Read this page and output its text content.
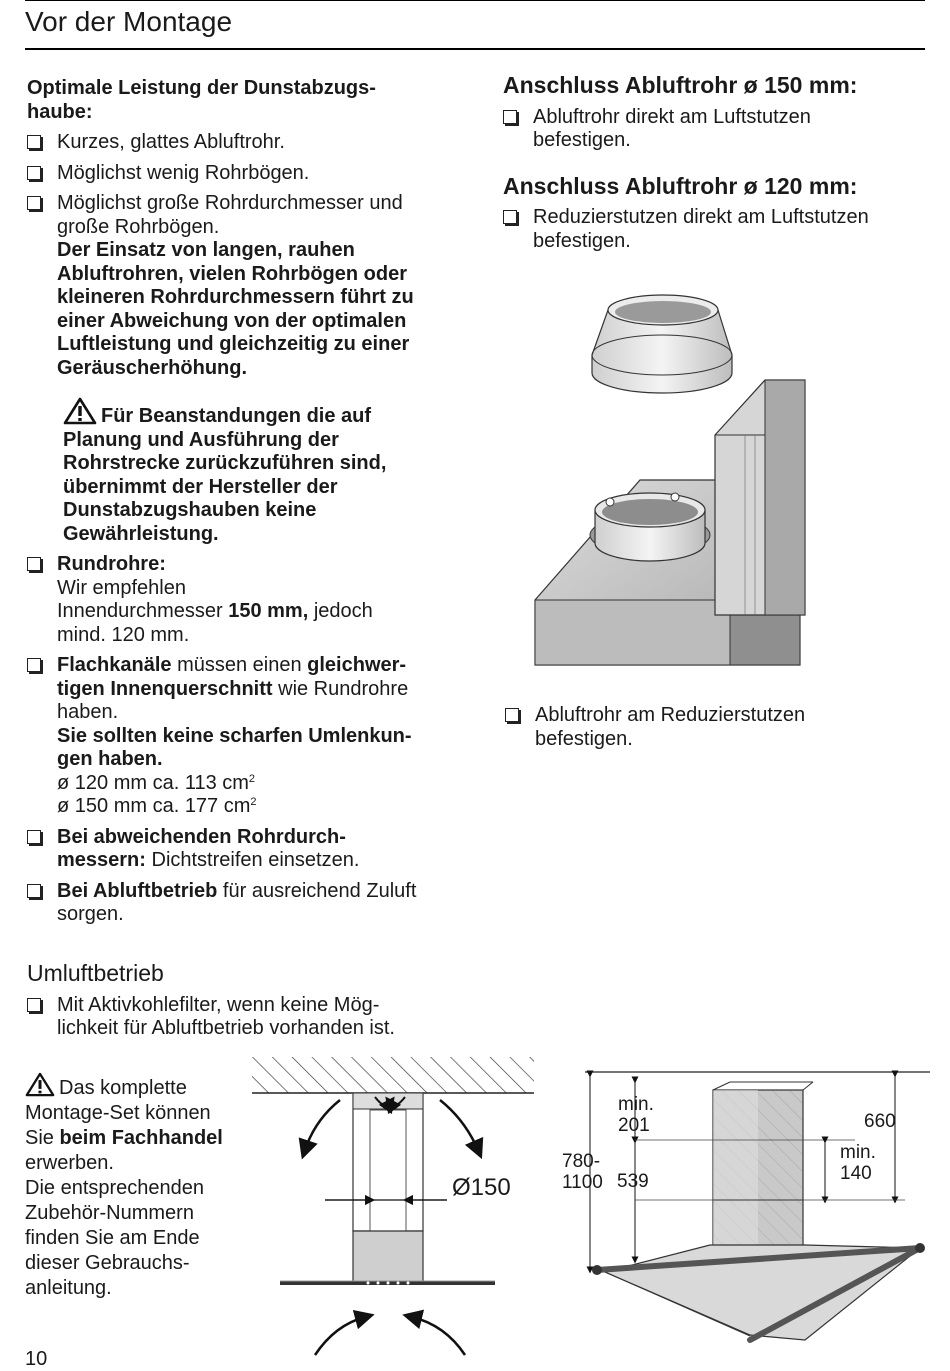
Vor der Montage
Optimale Leistung der Dunstabzugs-
haube:
Kurzes, glattes Abluftrohr.
Möglichst wenig Rohrbögen.
Möglichst große Rohrdurchmesser und
große Rohrbögen.
Der Einsatz von langen, rauhen
Abluftrohren, vielen Rohrbögen oder
kleineren Rohrdurchmessern führt zu
einer Abweichung von der optimalen
Luftleistung und gleichzeitig zu einer
Geräuscherhöhung.
Für Beanstandungen die auf
Planung und Ausführung der
Rohrstrecke zurückzuführen sind,
übernimmt der Hersteller der
Dunstabzugshauben keine
Gewährleistung.
Rundrohre:
Wir empfehlen
Innendurchmesser 150 mm, jedoch
mind. 120 mm.
Flachkanäle müssen einen gleichwer-
tigen Innenquerschnitt wie Rundrohre
haben.
Sie sollten keine scharfen Umlenkun-
gen haben.
ø 120 mm ca. 113 $cm^2$
ø 150 mm ca. 177 $cm^2$
Bei abweichenden Rohrdurch-
messern: Dichtstreifen einsetzen.
Bei Abluftbetrieb für ausreichend Zuluft
sorgen.
Anschluss Abluftrohr ø 150 mm:
Abluftrohr direkt am Luftstutzen
befestigen.
Anschluss Abluftrohr ø 120 mm:
Reduzierstutzen direkt am Luftstutzen
befestigen.
Abluftrohr am Reduzierstutzen
befestigen.
Umluftbetrieb
Mit Aktivkohlefilter, wenn keine Mög-
lichkeit für Abluftbetrieb vorhanden ist.
Das komplette
Montage-Set können
Sie beim Fachhandel
erwerben.
Die entsprechenden
Zubehör-Nummern
finden Sie am Ende
dieser Gebrauchs-
anleitung.
Ø150
min.
201	660
min.
140
780-
1100 539
10
